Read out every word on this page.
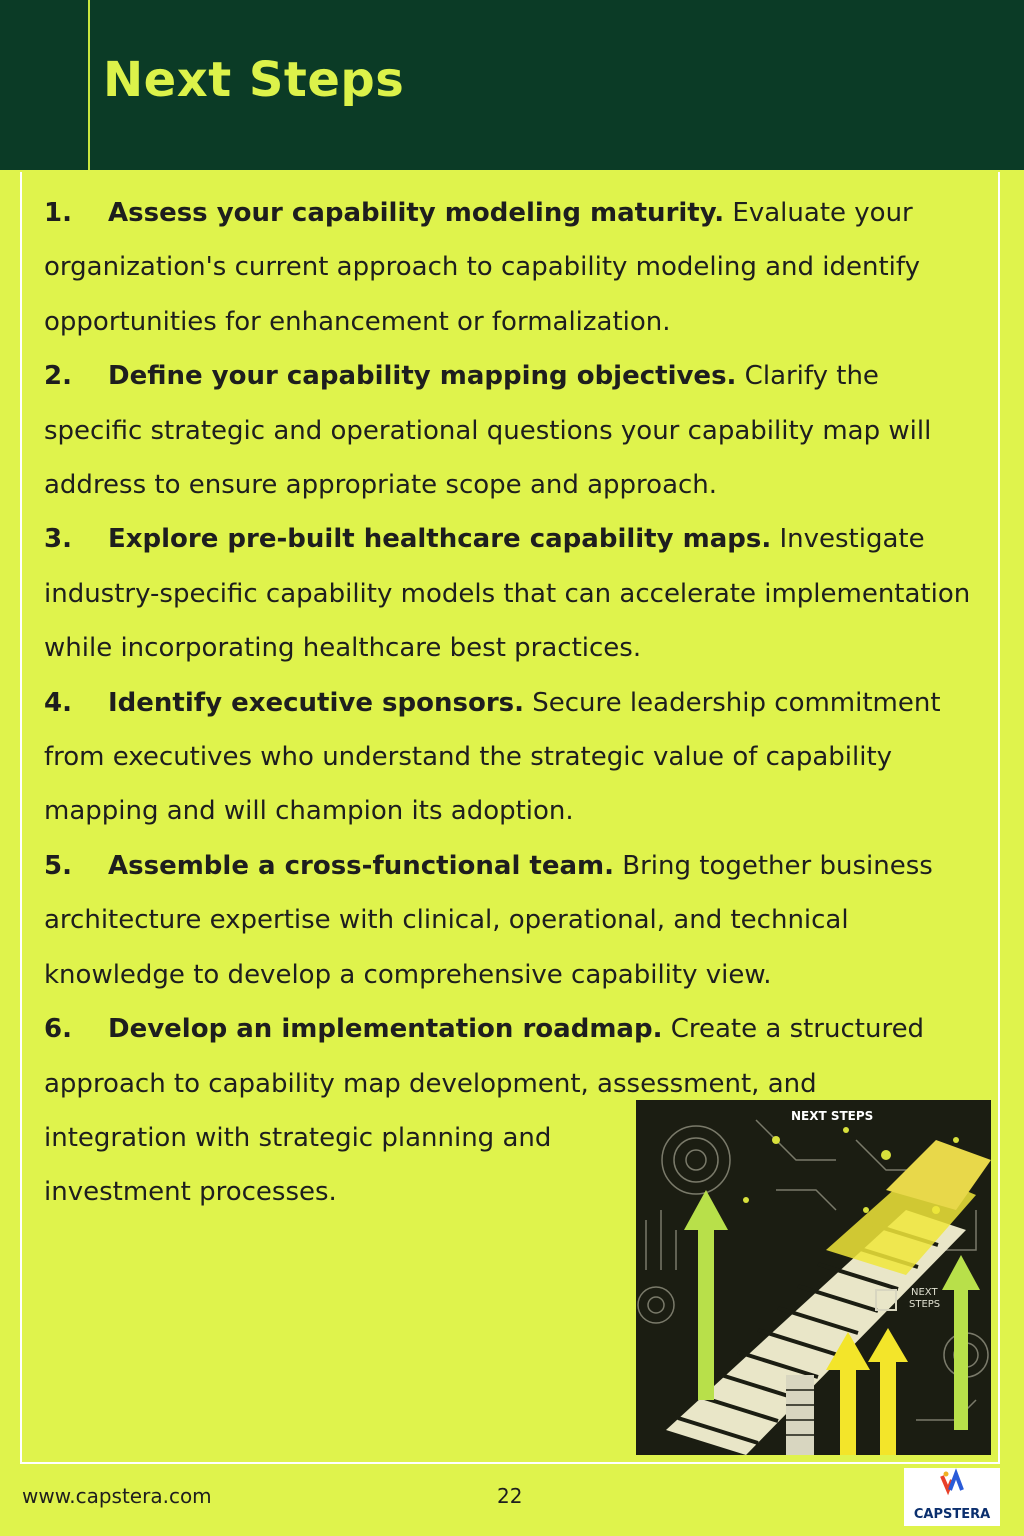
Next Steps
1. Assess your capability modeling maturity. Evaluate your organization's current approach to capability modeling and identify opportunities for enhancement or formalization.
2. Define your capability mapping objectives. Clarify the specific strategic and operational questions your capability map will address to ensure appropriate scope and approach.
3. Explore pre-built healthcare capability maps. Investigate industry-specific capability models that can accelerate implementation while incorporating healthcare best practices.
4. Identify executive sponsors. Secure leadership commitment from executives who understand the strategic value of capability mapping and will champion its adoption.
5. Assemble a cross-functional team. Bring together business architecture expertise with clinical, operational, and technical knowledge to develop a comprehensive capability view.
6. Develop an implementation roadmap. Create a structured approach to capability map development, assessment, and
integration with strategic planning and
investment processes.
NEXT STEPS
NEXT
STEPS
www.capstera.com	22
CAPSTERA
